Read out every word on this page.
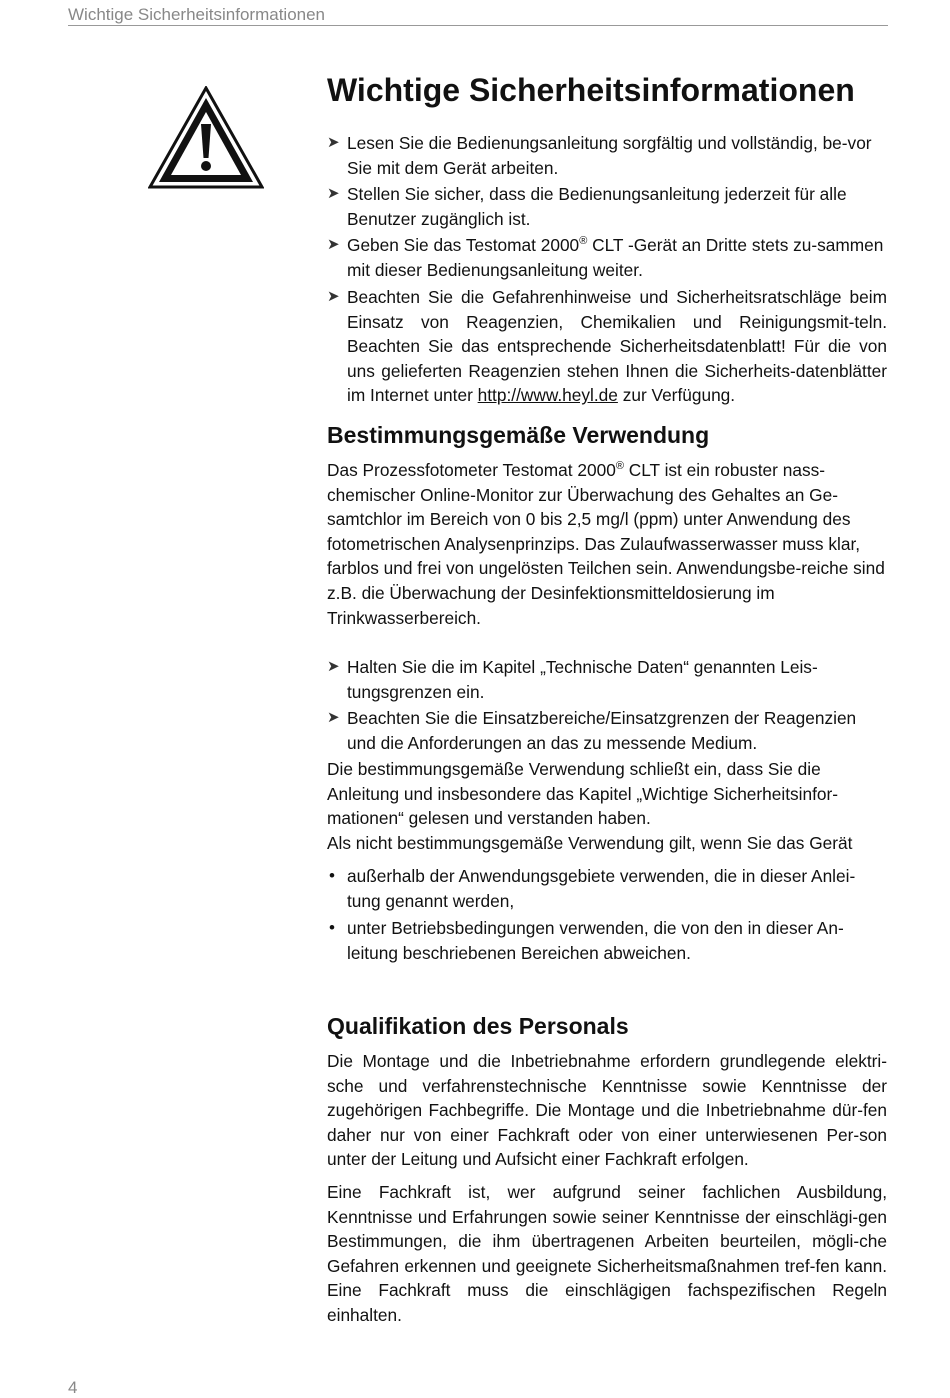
Wichtige Sicherheitsinformationen
Wichtige Sicherheitsinformationen
➤ Lesen Sie die Bedienungsanleitung sorgfältig und vollständig, be-vor Sie mit dem Gerät arbeiten.
➤ Stellen Sie sicher, dass die Bedienungsanleitung jederzeit für alle Benutzer zugänglich ist.
➤ Geben Sie das Testomat 2000® CLT -Gerät an Dritte stets zu-sammen mit dieser Bedienungsanleitung weiter.
➤ Beachten Sie die Gefahrenhinweise und Sicherheitsratschläge beim Einsatz von Reagenzien, Chemikalien und Reinigungsmit-teln. Beachten Sie das entsprechende Sicherheitsdatenblatt! Für die von uns gelieferten Reagenzien stehen Ihnen die Sicherheits-datenblätter im Internet unter http://www.heyl.de zur Verfügung.
Bestimmungsgemäße Verwendung
Das Prozessfotometer Testomat 2000® CLT ist ein robuster nass-chemischer Online-Monitor zur Überwachung des Gehaltes an Ge-samtchlor im Bereich von 0 bis 2,5 mg/l (ppm) unter Anwendung des fotometrischen Analysenprinzips. Das Zulaufwasserwasser muss klar, farblos und frei von ungelösten Teilchen sein. Anwendungsbe-reiche sind z.B. die Überwachung der Desinfektionsmitteldosierung im Trinkwasserbereich.
➤ Halten Sie die im Kapitel „Technische Daten“ genannten Leis-tungsgrenzen ein.
➤ Beachten Sie die Einsatzbereiche/Einsatzgrenzen der Reagenzien und die Anforderungen an das zu messende Medium.
Die bestimmungsgemäße Verwendung schließt ein, dass Sie die Anleitung und insbesondere das Kapitel „Wichtige Sicherheitsinfor-mationen“ gelesen und verstanden haben.
Als nicht bestimmungsgemäße Verwendung gilt, wenn Sie das Gerät
• außerhalb der Anwendungsgebiete verwenden, die in dieser Anlei-tung genannt werden,
• unter Betriebsbedingungen verwenden, die von den in dieser An-leitung beschriebenen Bereichen abweichen.
Qualifikation des Personals
Die Montage und die Inbetriebnahme erfordern grundlegende elektri-sche und verfahrenstechnische Kenntnisse sowie Kenntnisse der zugehörigen Fachbegriffe. Die Montage und die Inbetriebnahme dür-fen daher nur von einer Fachkraft oder von einer unterwiesenen Per-son unter der Leitung und Aufsicht einer Fachkraft erfolgen.
Eine Fachkraft ist, wer aufgrund seiner fachlichen Ausbildung, Kenntnisse und Erfahrungen sowie seiner Kenntnisse der einschlägi-gen Bestimmungen, die ihm übertragenen Arbeiten beurteilen, mögli-che Gefahren erkennen und geeignete Sicherheitsmaßnahmen tref-fen kann. Eine Fachkraft muss die einschlägigen fachspezifischen Regeln einhalten.
4
